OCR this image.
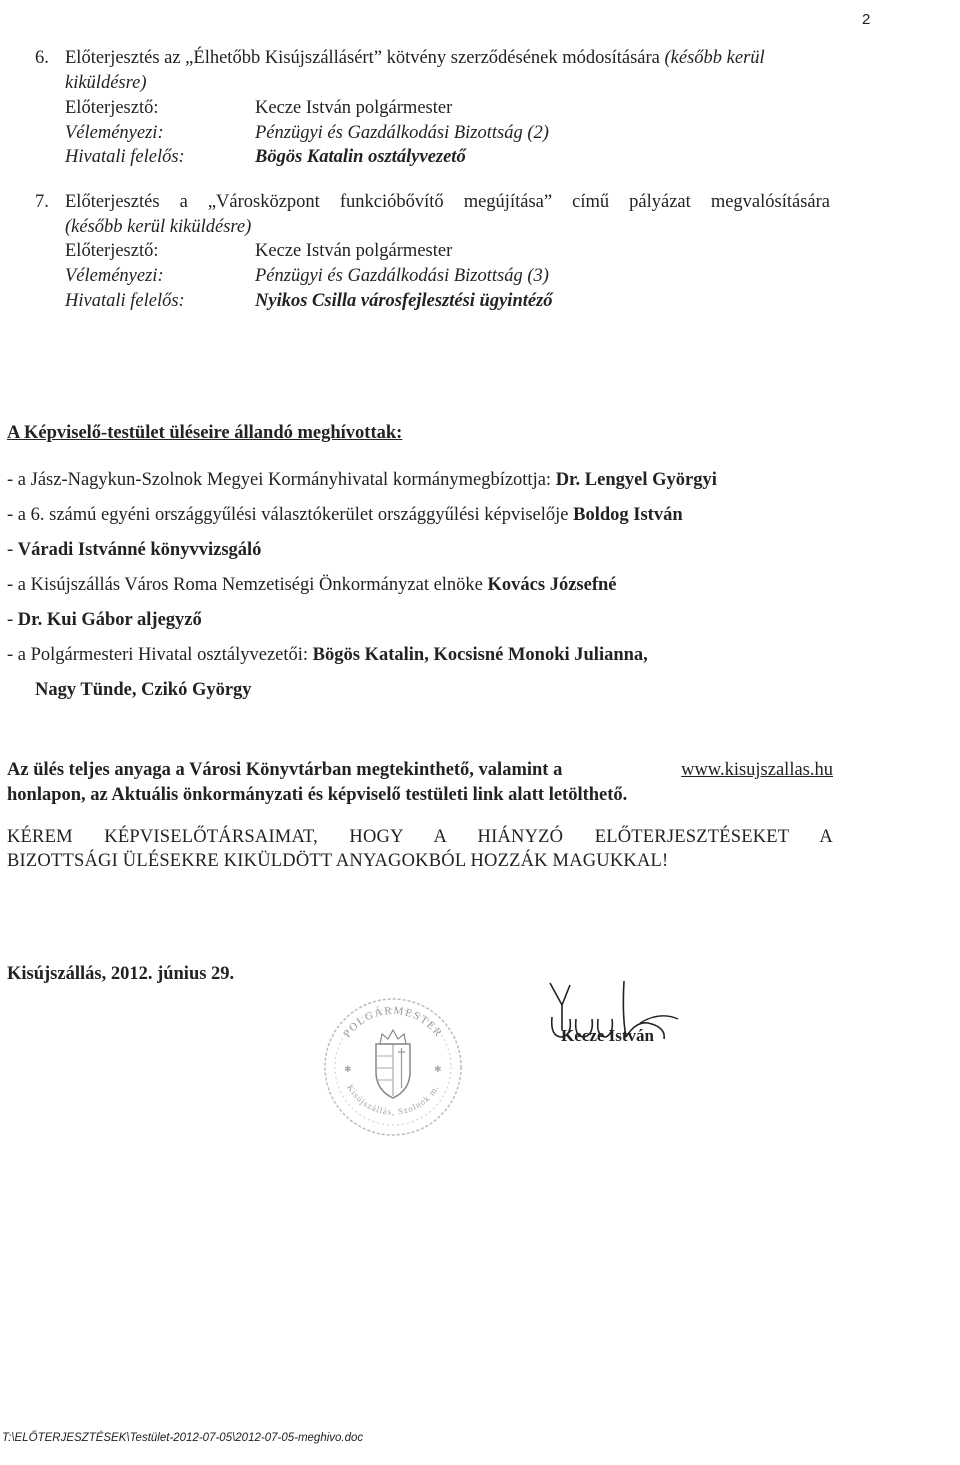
2
6. Előterjesztés az „Élhetőbb Kisújszállásért” kötvény szerződésének módosítására (később kerül
kiküldésre)
Előterjesztő:	Kecze István polgármester
Véleményezi:	Pénzügyi és Gazdálkodási Bizottság (2)
Hivatali felelős:	Bögös Katalin osztályvezető
7. Előterjesztés a „Városközpont funkcióbővítő megújítása” című pályázat megvalósítására
(később kerül kiküldésre)
Előterjesztő:	Kecze István polgármester
Véleményezi:	Pénzügyi és Gazdálkodási Bizottság (3)
Hivatali felelős:	Nyikos Csilla városfejlesztési ügyintéző
A Képviselő-testület üléseire állandó meghívottak:
- a Jász-Nagykun-Szolnok Megyei Kormányhivatal kormánymegbízottja: Dr. Lengyel Györgyi
- a 6. számú egyéni országgyűlési választókerület országgyűlési képviselője Boldog István
- Váradi Istvánné könyvvizsgáló
- a Kisújszállás Város Roma Nemzetiségi Önkormányzat elnöke Kovács Józsefné
- Dr. Kui Gábor aljegyző
- a Polgármesteri Hivatal osztályvezetői: Bögös Katalin, Kocsisné Monoki Julianna,
Nagy Tünde, Czikó György
Az ülés teljes anyaga a Városi Könyvtárban megtekinthető, valamint a	www.kisujszallas.hu
honlapon, az Aktuális önkormányzati és képviselő testületi link alatt letölthető.
KÉREM KÉPVISELŐTÁRSAIMAT, HOGY A HIÁNYZÓ ELŐTERJESZTÉSEKET A
BIZOTTSÁGI ÜLÉSEKRE KIKÜLDÖTT ANYAGOKBÓL HOZZÁK MAGUKKAL!
Kisújszállás, 2012. június 29.
POLGÁRMESTER
Kisújszállás, Szolnok m.
✱	✱
Kecze István
T:\ELŐTERJESZTÉSEK\Testület-2012-07-05\2012-07-05-meghivo.doc
